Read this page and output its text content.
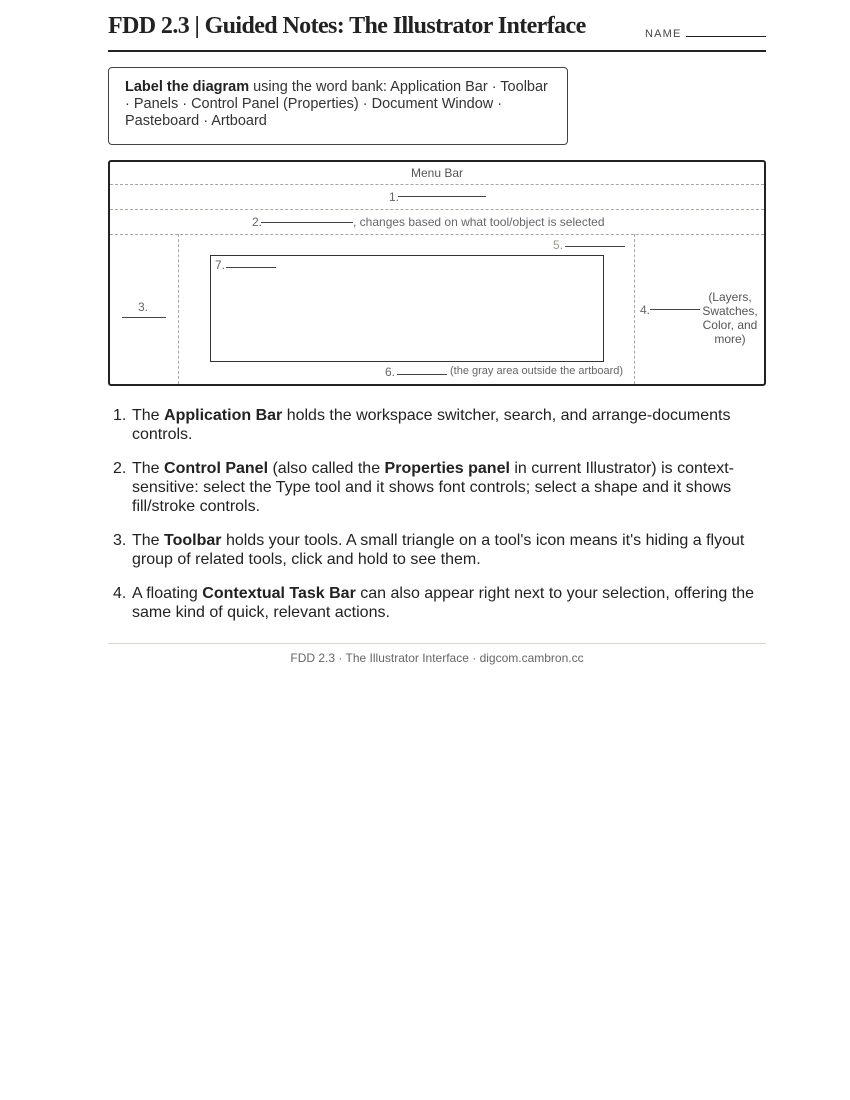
FDD 2.3 | Guided Notes: The Illustrator Interface	NAME
Label the diagram using the word bank: Application Bar · Toolbar · Panels · Control Panel (Properties) · Document Window · Pasteboard · Artboard
Menu Bar
1.
2.	, changes based on what tool/object is selected
3.
5.
7.
6.	(the gray area outside the artboard)
4.
(Layers, Swatches, Color, and more)
1. The Application Bar holds the workspace switcher, search, and arrange-documents controls.
2. The Control Panel (also called the Properties panel in current Illustrator) is context-sensitive: select the Type tool and it shows font controls; select a shape and it shows fill/stroke controls.
3. The Toolbar holds your tools. A small triangle on a tool's icon means it's hiding a flyout group of related tools, click and hold to see them.
4. A floating Contextual Task Bar can also appear right next to your selection, offering the same kind of quick, relevant actions.
FDD 2.3 · The Illustrator Interface · digcom.cambron.cc
